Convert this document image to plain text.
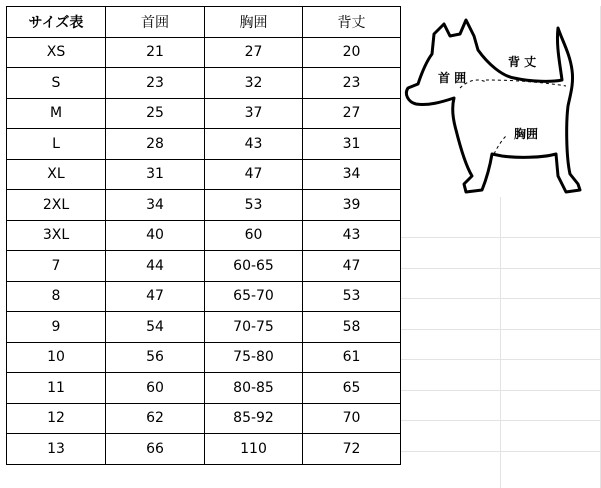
サイズ表	首囲	胸囲	背丈
XS	21	27	20
S	23	32	23
M	25	37	27
L	28	43	31
XL	31	47	34
2XL	34	53	39
3XL	40	60	43
7	44	60-65	47
8	47	65-70	53
9	54	70-75	58
10	56	75-80	61
11	60	80-85	65
12	62	85-92	70
13	66	110	72
首 囲
背 丈
胸囲
